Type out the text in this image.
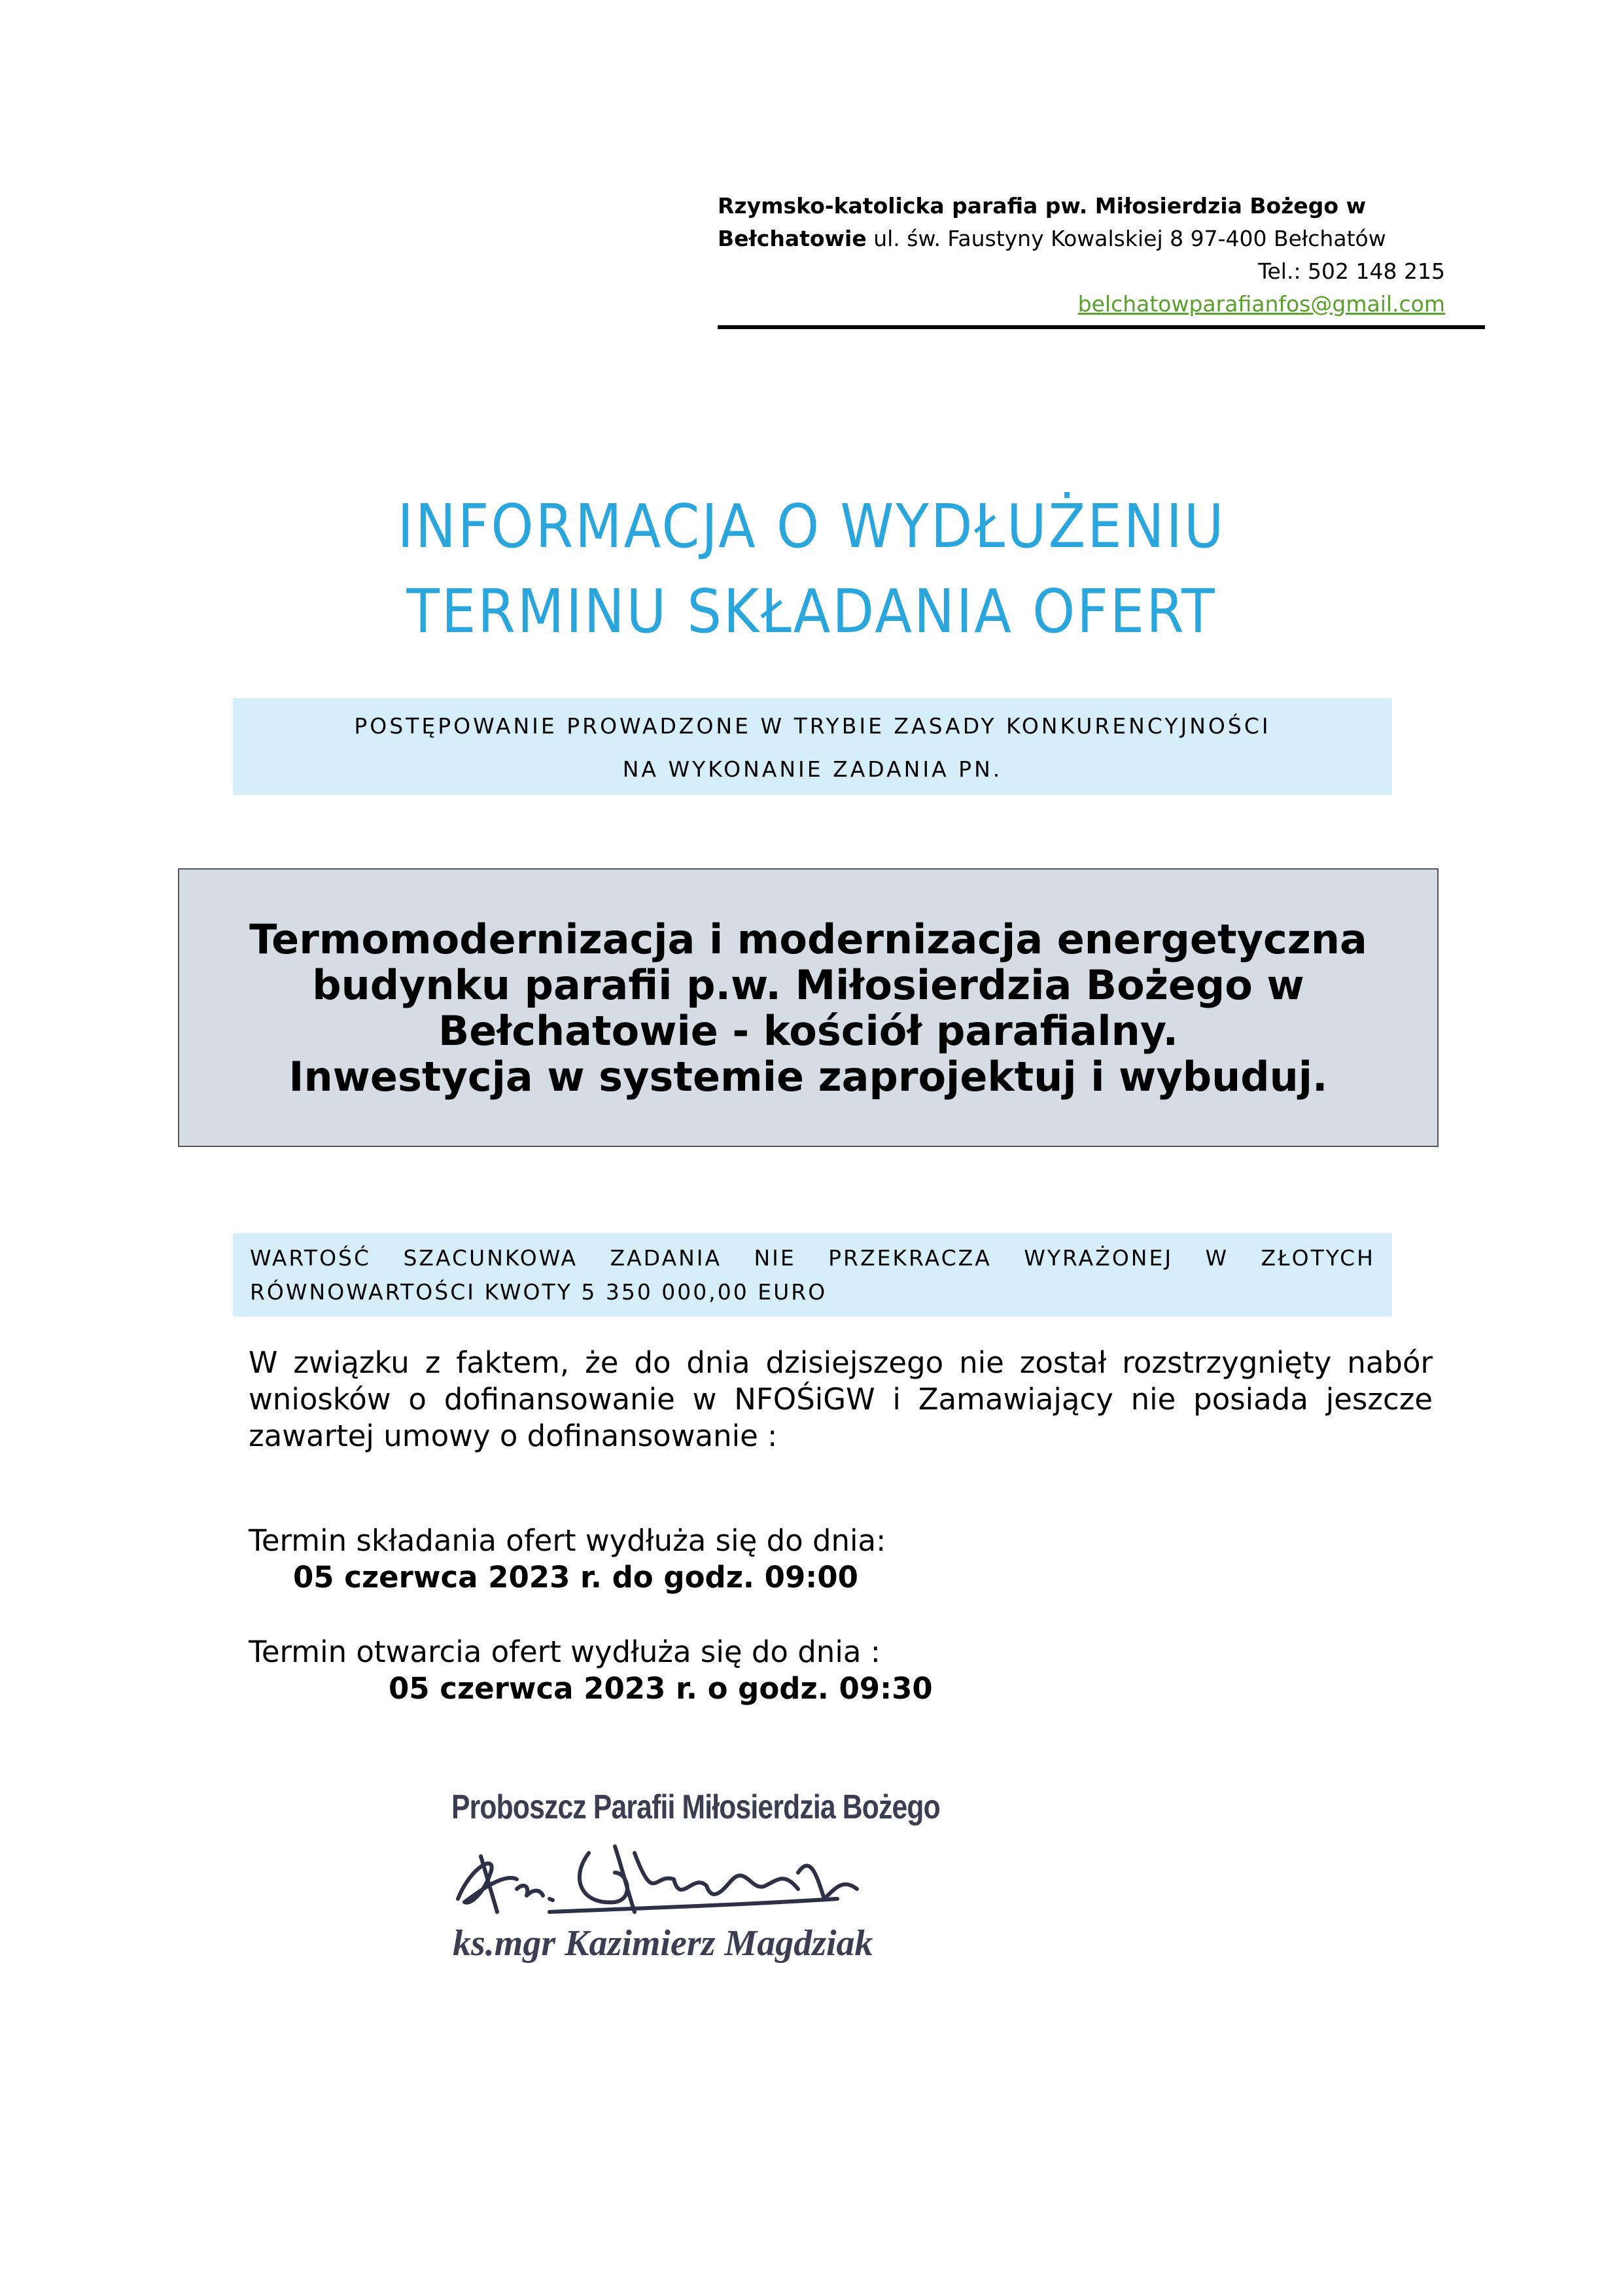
Rzymsko-katolicka parafia pw. Miłosierdzia Bożego w
Bełchatowie ul. św. Faustyny Kowalskiej 8 97-400 Bełchatów
Tel.: 502 148 215
belchatowparafianfos@gmail.com
INFORMACJA O WYDŁUŻENIU
TERMINU SKŁADANIA OFERT
POSTĘPOWANIE PROWADZONE W TRYBIE ZASADY KONKURENCYJNOŚCI
NA WYKONANIE ZADANIA PN.
Termomodernizacja i modernizacja energetyczna
budynku parafii p.w. Miłosierdzia Bożego w
Bełchatowie - kościół parafialny.
Inwestycja w systemie zaprojektuj i wybuduj.
WARTOŚĆ SZACUNKOWA ZADANIA NIE PRZEKRACZA WYRAŻONEJ W ZŁOTYCH
RÓWNOWARTOŚCI KWOTY 5 350 000,00 EURO
W związku z faktem, że do dnia dzisiejszego nie został rozstrzygnięty nabór
wniosków o dofinansowanie w NFOŚiGW i Zamawiający nie posiada jeszcze
zawartej umowy o dofinansowanie :
Termin składania ofert wydłuża się do dnia:
05 czerwca 2023 r. do godz. 09:00
Termin otwarcia ofert wydłuża się do dnia :
05 czerwca 2023 r. o godz. 09:30
Proboszcz Parafii Miłosierdzia Bożego
ks.mgr Kazimierz Magdziak
